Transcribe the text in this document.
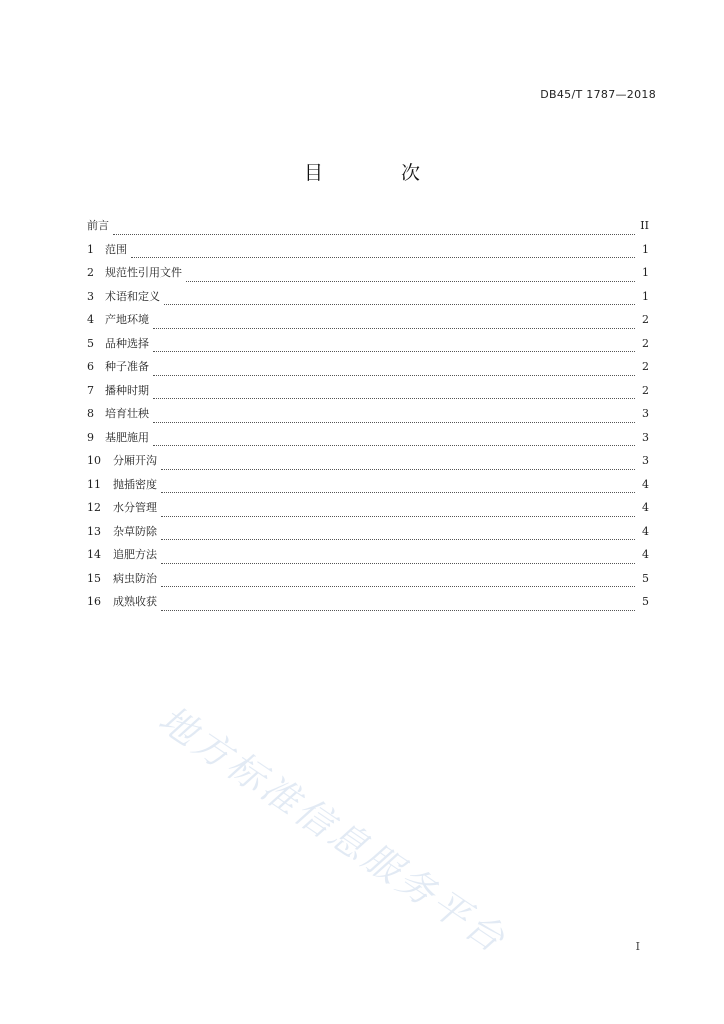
DB45/T 1787—2018
目 次
前言	II
1	范围	1
2	规范性引用文件	1
3	术语和定义	1
4	产地环境	2
5	品种选择	2
6	种子准备	2
7	播种时期	2
8	培育壮秧	3
9	基肥施用	3
10	分厢开沟	3
11	抛插密度	4
12	水分管理	4
13	杂草防除	4
14	追肥方法	4
15	病虫防治	5
16	成熟收获	5
地方标准信息服务平台	I
